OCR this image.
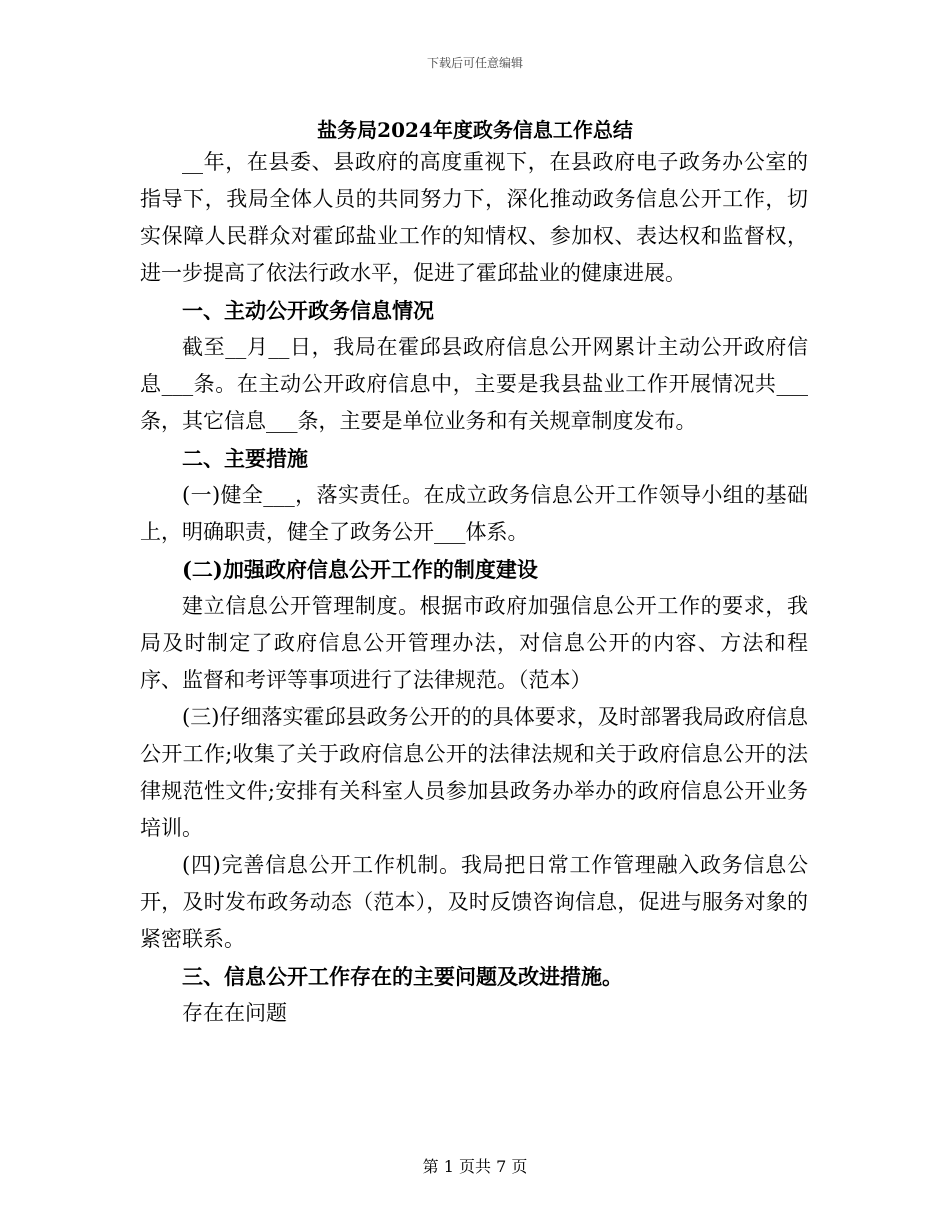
下载后可任意编辑
盐务局2024年度政务信息工作总结

__年，在县委、县政府的高度重视下，在县政府电子政务办公室的指导下，我局全体人员的共同努力下，深化推动政务信息公开工作，切实保障人民群众对霍邱盐业工作的知情权、参加权、表达权和监督权，进一步提高了依法行政水平，促进了霍邱盐业的健康进展。

一、主动公开政务信息情况

截至__月__日，我局在霍邱县政府信息公开网累计主动公开政府信息___条。在主动公开政府信息中，主要是我县盐业工作开展情况共___条，其它信息___条，主要是单位业务和有关规章制度发布。

二、主要措施

(一)健全___，落实责任。在成立政务信息公开工作领导小组的基础上，明确职责，健全了政务公开___体系。

(二)加强政府信息公开工作的制度建设

建立信息公开管理制度。根据市政府加强信息公开工作的要求，我局及时制定了政府信息公开管理办法，对信息公开的内容、方法和程序、监督和考评等事项进行了法律规范。（范本）

(三)仔细落实霍邱县政务公开的的具体要求，及时部署我局政府信息公开工作;收集了关于政府信息公开的法律法规和关于政府信息公开的法律规范性文件;安排有关科室人员参加县政务办举办的政府信息公开业务培训。

(四)完善信息公开工作机制。我局把日常工作管理融入政务信息公开，及时发布政务动态（范本），及时反馈咨询信息，促进与服务对象的紧密联系。

三、信息公开工作存在的主要问题及改进措施。

存在在问题

第 1 页共 7 页
